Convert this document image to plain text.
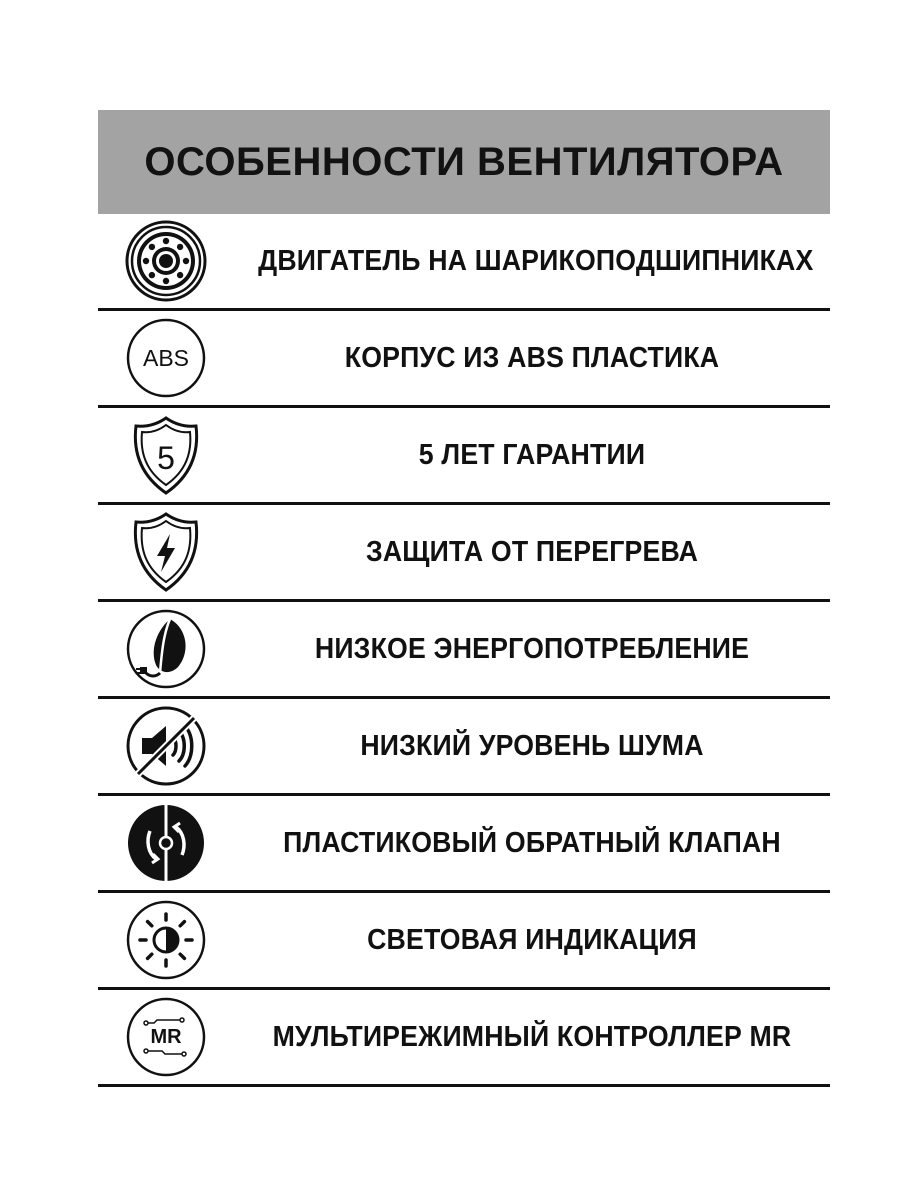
ОСОБЕННОСТИ ВЕНТИЛЯТОРА
ДВИГАТЕЛЬ НА ШАРИКОПОДШИПНИКАХ
ABS	КОРПУС ИЗ ABS ПЛАСТИКА
5	5 ЛЕТ ГАРАНТИИ
ЗАЩИТА ОТ ПЕРЕГРЕВА
НИЗКОЕ ЭНЕРГОПОТРЕБЛЕНИЕ
НИЗКИЙ УРОВЕНЬ ШУМА
ПЛАСТИКОВЫЙ ОБРАТНЫЙ КЛАПАН
СВЕТОВАЯ ИНДИКАЦИЯ
MR	МУЛЬТИРЕЖИМНЫЙ КОНТРОЛЛЕР MR
